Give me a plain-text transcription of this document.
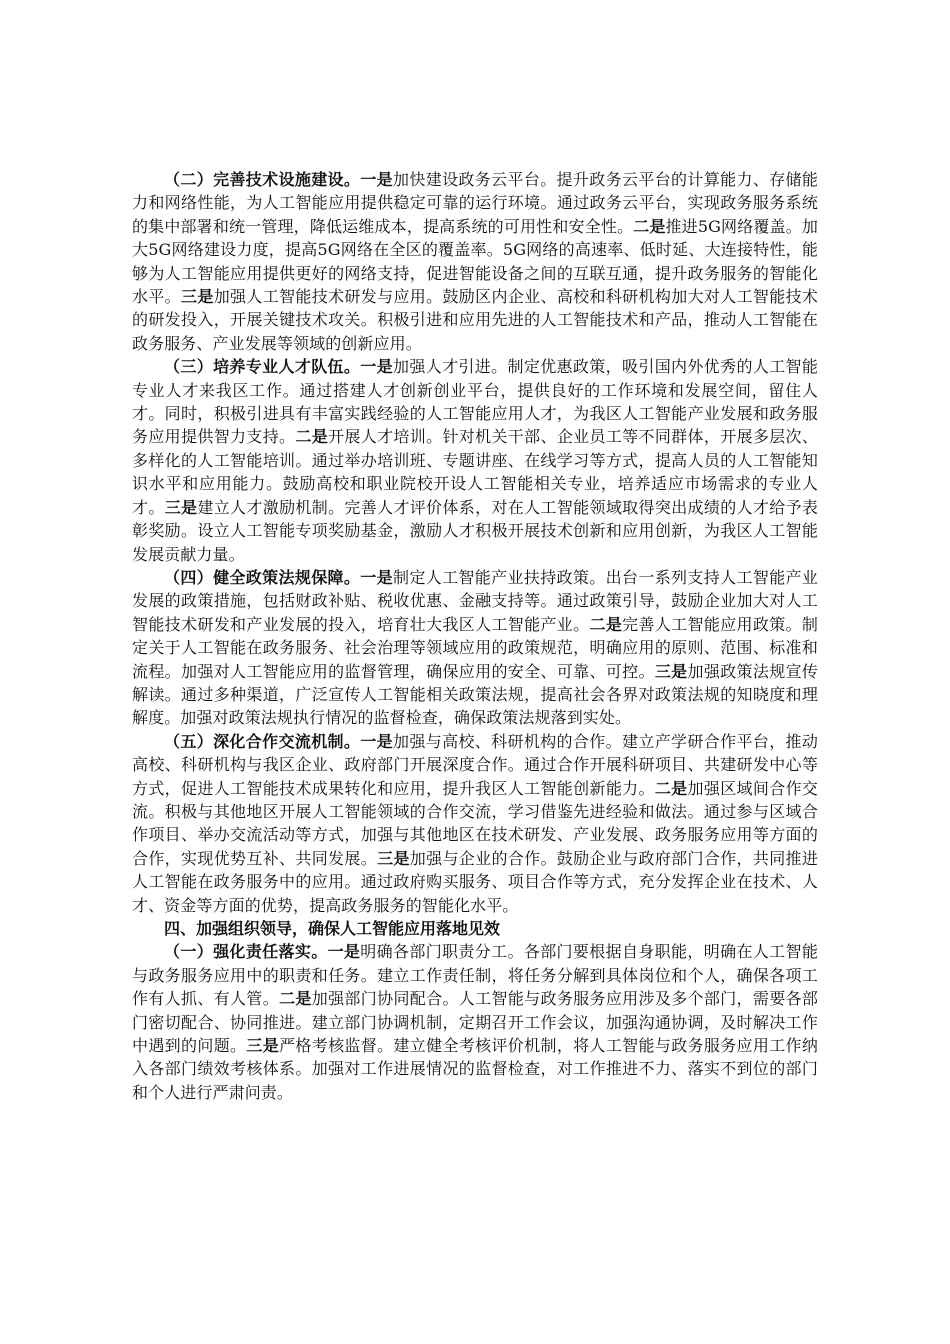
（二）完善技术设施建设。一是加快建设政务云平台。提升政务云平台的计算能力、存储能力和网络性能，为人工智能应用提供稳定可靠的运行环境。通过政务云平台，实现政务服务系统的集中部署和统一管理，降低运维成本，提高系统的可用性和安全性。二是推进5G网络覆盖。加大5G网络建设力度，提高5G网络在全区的覆盖率。5G网络的高速率、低时延、大连接特性，能够为人工智能应用提供更好的网络支持，促进智能设备之间的互联互通，提升政务服务的智能化水平。三是加强人工智能技术研发与应用。鼓励区内企业、高校和科研机构加大对人工智能技术的研发投入，开展关键技术攻关。积极引进和应用先进的人工智能技术和产品，推动人工智能在政务服务、产业发展等领域的创新应用。

（三）培养专业人才队伍。一是加强人才引进。制定优惠政策，吸引国内外优秀的人工智能专业人才来我区工作。通过搭建人才创新创业平台，提供良好的工作环境和发展空间，留住人才。同时，积极引进具有丰富实践经验的人工智能应用人才，为我区人工智能产业发展和政务服务应用提供智力支持。二是开展人才培训。针对机关干部、企业员工等不同群体，开展多层次、多样化的人工智能培训。通过举办培训班、专题讲座、在线学习等方式，提高人员的人工智能知识水平和应用能力。鼓励高校和职业院校开设人工智能相关专业，培养适应市场需求的专业人才。三是建立人才激励机制。完善人才评价体系，对在人工智能领域取得突出成绩的人才给予表彰奖励。设立人工智能专项奖励基金，激励人才积极开展技术创新和应用创新，为我区人工智能发展贡献力量。

（四）健全政策法规保障。一是制定人工智能产业扶持政策。出台一系列支持人工智能产业发展的政策措施，包括财政补贴、税收优惠、金融支持等。通过政策引导，鼓励企业加大对人工智能技术研发和产业发展的投入，培育壮大我区人工智能产业。二是完善人工智能应用政策。制定关于人工智能在政务服务、社会治理等领域应用的政策规范，明确应用的原则、范围、标准和流程。加强对人工智能应用的监督管理，确保应用的安全、可靠、可控。三是加强政策法规宣传解读。通过多种渠道，广泛宣传人工智能相关政策法规，提高社会各界对政策法规的知晓度和理解度。加强对政策法规执行情况的监督检查，确保政策法规落到实处。

（五）深化合作交流机制。一是加强与高校、科研机构的合作。建立产学研合作平台，推动高校、科研机构与我区企业、政府部门开展深度合作。通过合作开展科研项目、共建研发中心等方式，促进人工智能技术成果转化和应用，提升我区人工智能创新能力。二是加强区域间合作交流。积极与其他地区开展人工智能领域的合作交流，学习借鉴先进经验和做法。通过参与区域合作项目、举办交流活动等方式，加强与其他地区在技术研发、产业发展、政务服务应用等方面的合作，实现优势互补、共同发展。三是加强与企业的合作。鼓励企业与政府部门合作，共同推进人工智能在政务服务中的应用。通过政府购买服务、项目合作等方式，充分发挥企业在技术、人才、资金等方面的优势，提高政务服务的智能化水平。

四、加强组织领导，确保人工智能应用落地见效

（一）强化责任落实。一是明确各部门职责分工。各部门要根据自身职能，明确在人工智能与政务服务应用中的职责和任务。建立工作责任制，将任务分解到具体岗位和个人，确保各项工作有人抓、有人管。二是加强部门协同配合。人工智能与政务服务应用涉及多个部门，需要各部门密切配合、协同推进。建立部门协调机制，定期召开工作会议，加强沟通协调，及时解决工作中遇到的问题。三是严格考核监督。建立健全考核评价机制，将人工智能与政务服务应用工作纳入各部门绩效考核体系。加强对工作进展情况的监督检查，对工作推进不力、落实不到位的部门和个人进行严肃问责。
